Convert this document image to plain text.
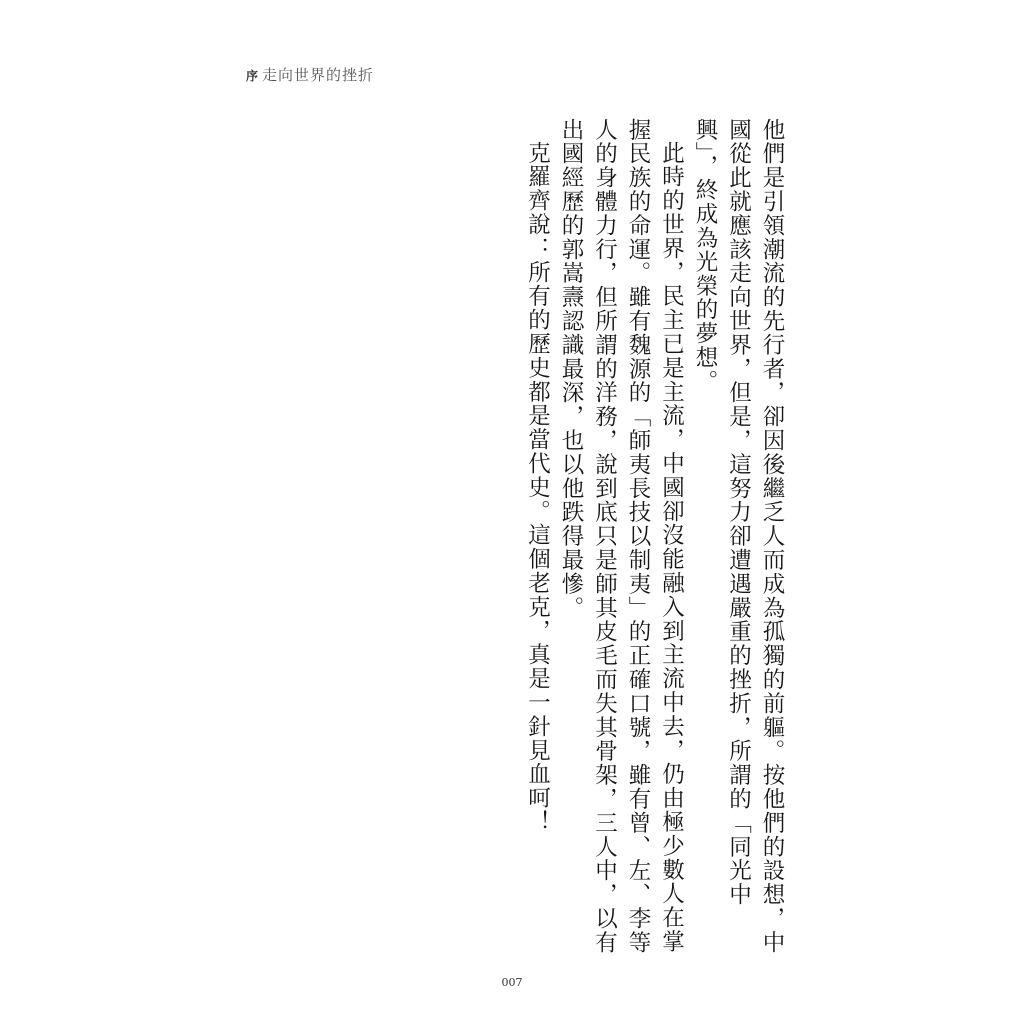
序 走向世界的挫折

他們是引領潮流的先行者，卻因後繼乏人而成為孤獨的前軀。按他們的設想，中國從此就應該走向世界，但是，這努力卻遭遇嚴重的挫折，所謂的「同光中興」，終成為光榮的夢想。

此時的世界，民主已是主流，中國卻沒能融入到主流中去，仍由極少數人在掌握民族的命運。雖有魏源的「師夷長技以制夷」的正確口號，雖有曾、左、李等人的身體力行，但所謂的洋務，說到底只是師其皮毛而失其骨架，三人中，以有出國經歷的郭嵩燾認識最深，也以他跌得最慘。

克羅齊說：所有的歷史都是當代史。這個老克，真是一針見血呵！

007
